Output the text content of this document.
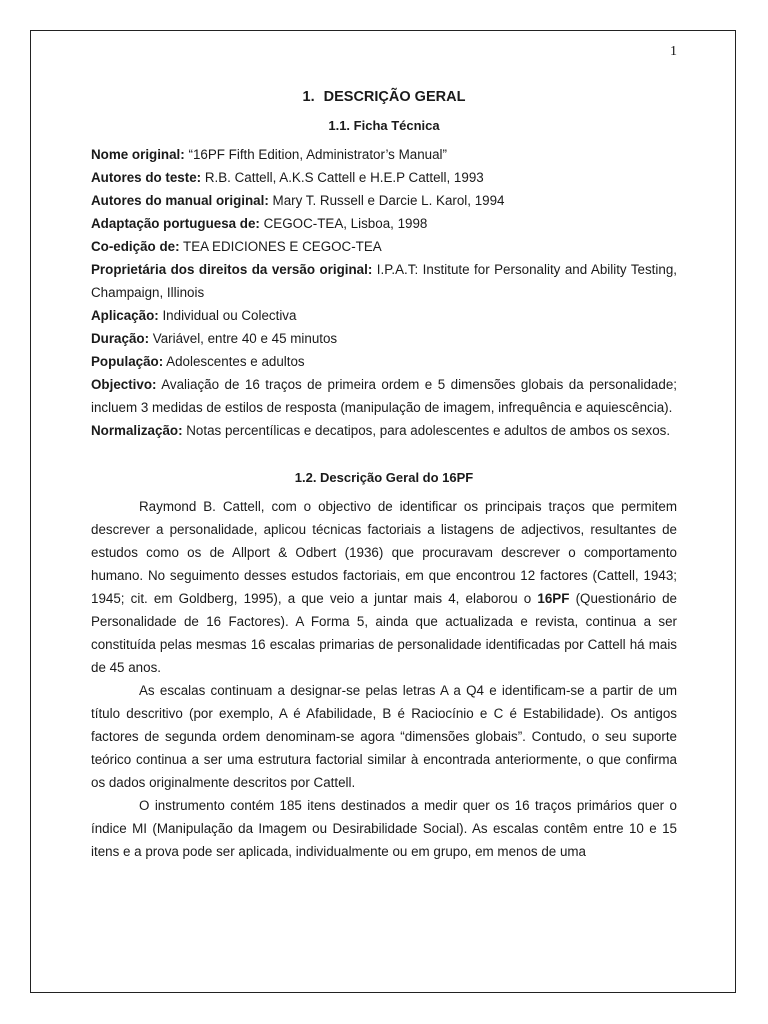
1
1. DESCRIÇÃO GERAL
1.1. Ficha Técnica

Nome original: “16PF Fifth Edition, Administrator’s Manual”

Autores do teste: R.B. Cattell, A.K.S Cattell e H.E.P Cattell, 1993

Autores do manual original: Mary T. Russell e Darcie L. Karol, 1994

Adaptação portuguesa de: CEGOC-TEA, Lisboa, 1998

Co-edição de: TEA EDICIONES E CEGOC-TEA

Proprietária dos direitos da versão original: I.P.A.T: Institute for Personality and Ability Testing, Champaign, Illinois

Aplicação: Individual ou Colectiva

Duração: Variável, entre 40 e 45 minutos

População: Adolescentes e adultos

Objectivo: Avaliação de 16 traços de primeira ordem e 5 dimensões globais da personalidade; incluem 3 medidas de estilos de resposta (manipulação de imagem, infrequência e aquiescência).

Normalização: Notas percentílicas e decatipos, para adolescentes e adultos de ambos os sexos.

1.2. Descrição Geral do 16PF

Raymond B. Cattell, com o objectivo de identificar os principais traços que permitem descrever a personalidade, aplicou técnicas factoriais a listagens de adjectivos, resultantes de estudos como os de Allport & Odbert (1936) que procuravam descrever o comportamento humano. No seguimento desses estudos factoriais, em que encontrou 12 factores (Cattell, 1943; 1945; cit. em Goldberg, 1995), a que veio a juntar mais 4, elaborou o 16PF (Questionário de Personalidade de 16 Factores). A Forma 5, ainda que actualizada e revista, continua a ser constituída pelas mesmas 16 escalas primarias de personalidade identificadas por Cattell há mais de 45 anos.

As escalas continuam a designar-se pelas letras A a Q4 e identificam-se a partir de um título descritivo (por exemplo, A é Afabilidade, B é Raciocínio e C é Estabilidade). Os antigos factores de segunda ordem denominam-se agora “dimensões globais”. Contudo, o seu suporte teórico continua a ser uma estrutura factorial similar à encontrada anteriormente, o que confirma os dados originalmente descritos por Cattell.

O instrumento contém 185 itens destinados a medir quer os 16 traços primários quer o índice MI (Manipulação da Imagem ou Desirabilidade Social). As escalas contêm entre 10 e 15 itens e a prova pode ser aplicada, individualmente ou em grupo, em menos de uma
